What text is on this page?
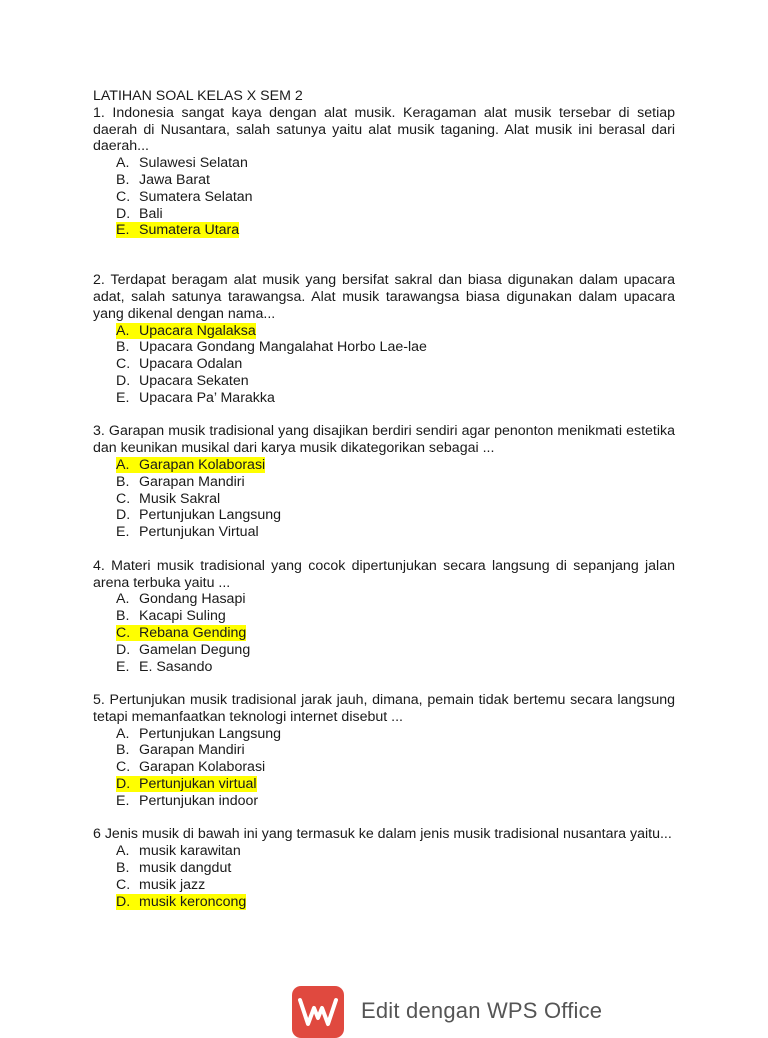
LATIHAN SOAL KELAS X SEM 2

1. Indonesia sangat kaya dengan alat musik. Keragaman alat musik tersebar di setiap daerah di Nusantara, salah satunya yaitu alat musik taganing. Alat musik ini berasal dari daerah...

A. Sulawesi Selatan
B. Jawa Barat
C. Sumatera Selatan
D. Bali
E. Sumatera Utara

2. Terdapat beragam alat musik yang bersifat sakral dan biasa digunakan dalam upacara adat, salah satunya tarawangsa. Alat musik tarawangsa biasa digunakan dalam upacara yang dikenal dengan nama...

A. Upacara Ngalaksa
B. Upacara Gondang Mangalahat Horbo Lae-lae
C. Upacara Odalan
D. Upacara Sekaten
E. Upacara Pa’ Marakka

3. Garapan musik tradisional yang disajikan berdiri sendiri agar penonton menikmati estetika dan keunikan musikal dari karya musik dikategorikan sebagai ...

A. Garapan Kolaborasi
B. Garapan Mandiri
C. Musik Sakral
D. Pertunjukan Langsung
E. Pertunjukan Virtual

4. Materi musik tradisional yang cocok dipertunjukan secara langsung di sepanjang jalan arena terbuka yaitu ...

A. Gondang Hasapi
B. Kacapi Suling
C. Rebana Gending
D. Gamelan Degung
E. E. Sasando

5. Pertunjukan musik tradisional jarak jauh, dimana, pemain tidak bertemu secara langsung tetapi memanfaatkan teknologi internet disebut ...

A. Pertunjukan Langsung
B. Garapan Mandiri
C. Garapan Kolaborasi
D. Pertunjukan virtual
E. Pertunjukan indoor

6 Jenis musik di bawah ini yang termasuk ke dalam jenis musik tradisional nusantara yaitu...

A. musik karawitan
B. musik dangdut
C. musik jazz
D. musik keroncong
Edit dengan WPS Office
